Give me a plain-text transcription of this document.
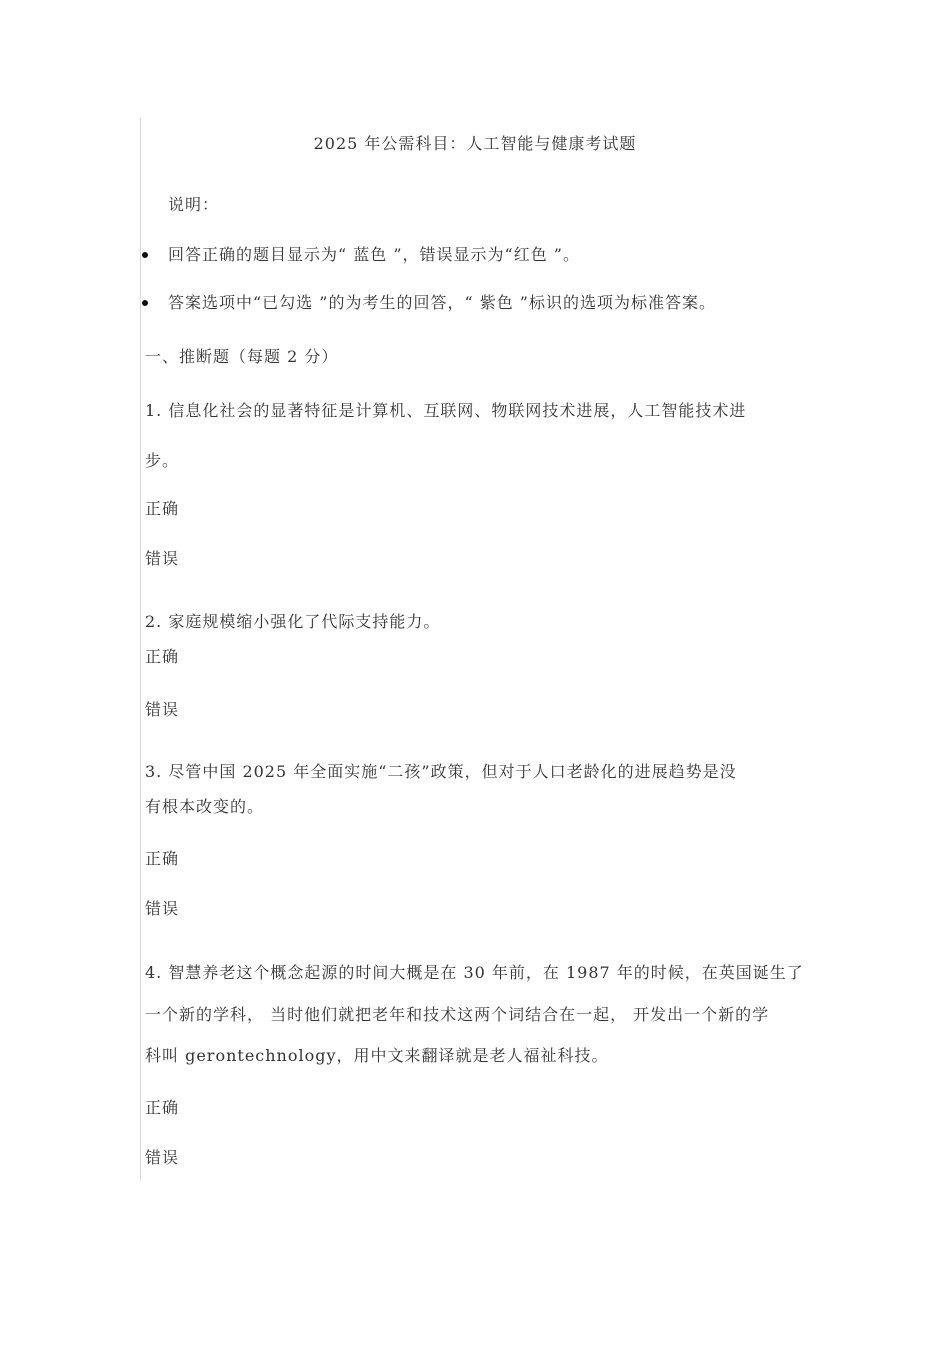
2025 年公需科目：人工智能与健康考试题
说明：
回答正确的题目显示为“ 蓝色 ”，错误显示为“红色 ”。
答案选项中“已勾选 ”的为考生的回答，“ 紫色 ”标识的选项为标准答案。
一、推断题（每题 2 分）
1. 信息化社会的显著特征是计算机、互联网、物联网技术进展，人工智能技术进
步。
正确
错误
2. 家庭规模缩小强化了代际支持能力。
正确
错误
3. 尽管中国 2025 年全面实施“二孩”政策，但对于人口老龄化的进展趋势是没
有根本改变的。
正确
错误
4. 智慧养老这个概念起源的时间大概是在 30 年前，在 1987 年的时候，在英国诞生了
一个新的学科， 当时他们就把老年和技术这两个词结合在一起， 开发出一个新的学
科叫 gerontechnology，用中文来翻译就是老人福祉科技。
正确
错误
